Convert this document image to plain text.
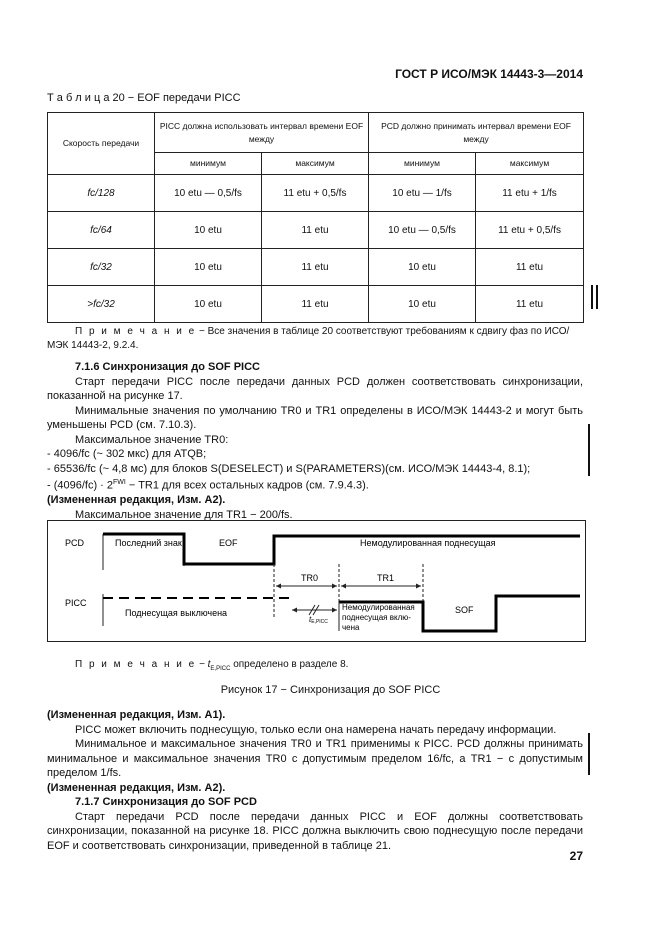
ГОСТ Р ИСО/МЭК 14443-3—2014
Т а б л и ц а 20 − EOF передачи PICC
Скорость передачи	PICC должна использовать интервал времени EOF между		PCD должно принимать интервал времени EOF между	
	минимум	максимум	минимум	максимум
fc/128	10 etu — 0,5/fs	11 etu + 0,5/fs	10 etu — 1/fs	11 etu + 1/fs
fc/64	10 etu	11 etu	10 etu — 0,5/fs	11 etu + 0,5/fs
fc/32	10 etu	11 etu	10 etu	11 etu
>fc/32	10 etu	11 etu	10 etu	11 etu
П р и м е ч а н и е − Все значения в таблице 20 соответствуют требованиям к сдвигу фаз по ИСО/МЭК 14443-2, 9.2.4.
7.1.6 Синхронизация до SOF PICC
Старт передачи PICC после передачи данных PCD должен соответствовать синхронизации, показанной на рисунке 17.
Минимальные значения по умолчанию TR0 и TR1 определены в ИСО/МЭК 14443-2 и могут быть уменьшены PCD (см. 7.10.3).
Максимальное значение TR0:
- 4096/fc (~ 302 мкс) для ATQB;
- 65536/fc (~ 4,8 мс) для блоков S(DESELECT) и S(PARAMETERS)(см. ИСО/МЭК 14443-4, 8.1);
- $(4096/fc) \cdot 2^{FWI} - TR1$ для всех остальных кадров (см. 7.9.4.3).
(Измененная редакция, Изм. А2).
Максимальное значение для TR1 − 200/fs.
PCD	Последний знак	EOF	Немодулированная поднесущая
TR0	TR1
PICC
Поднесущая выключена
tE,PICC
Немодулированная
поднесущая вклю-
чена
SOF
П р и м е ч а н и $е - t_{E,PICC}$ определено в разделе 8.
Рисунок 17 − Синхронизация до SOF PICC
(Измененная редакция, Изм. А1).
PICC может включить поднесущую, только если она намерена начать передачу информации.
Минимальное и максимальное значения TR0 и TR1 применимы к PICC. PCD должны принимать минимальное и максимальное значения TR0 с допустимым пределом 16/fc, а TR1 − с допустимым пределом 1/fs.
(Измененная редакция, Изм. А2).
7.1.7 Синхронизация до SOF PCD
Старт передачи PCD после передачи данных PICC и EOF должны соответствовать синхронизации, показанной на рисунке 18. PICC должна выключить свою поднесущую после передачи EOF и соответствовать синхронизации, приведенной в таблице 21.
27
